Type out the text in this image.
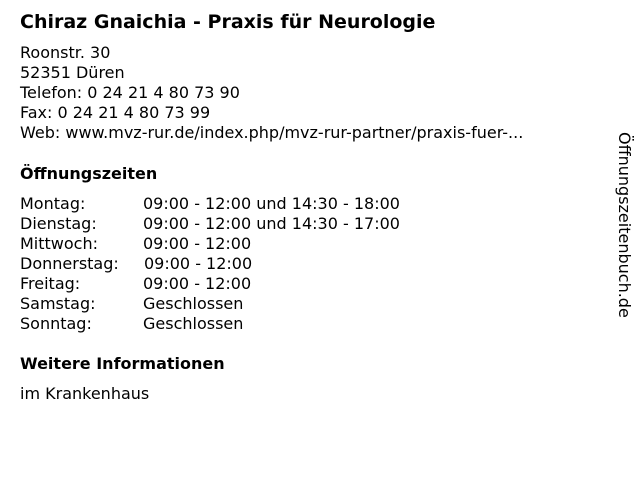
Chiraz Gnaichia - Praxis für Neurologie
Roonstr. 30
52351 Düren
Telefon: 0 24 21 4 80 73 90
Fax: 0 24 21 4 80 73 99
Web: www.mvz-rur.de/index.php/mvz-rur-partner/praxis-fuer-...
Öffnungszeiten
Montag:	09:00 - 12:00 und 14:30 - 18:00
Dienstag:	09:00 - 12:00 und 14:30 - 17:00
Mittwoch:	09:00 - 12:00
Donnerstag: 09:00 - 12:00
Freitag:	09:00 - 12:00
Samstag:	Geschlossen
Sonntag:	Geschlossen
Weitere Informationen
im Krankenhaus
Öffnungszeitenbuch.de
